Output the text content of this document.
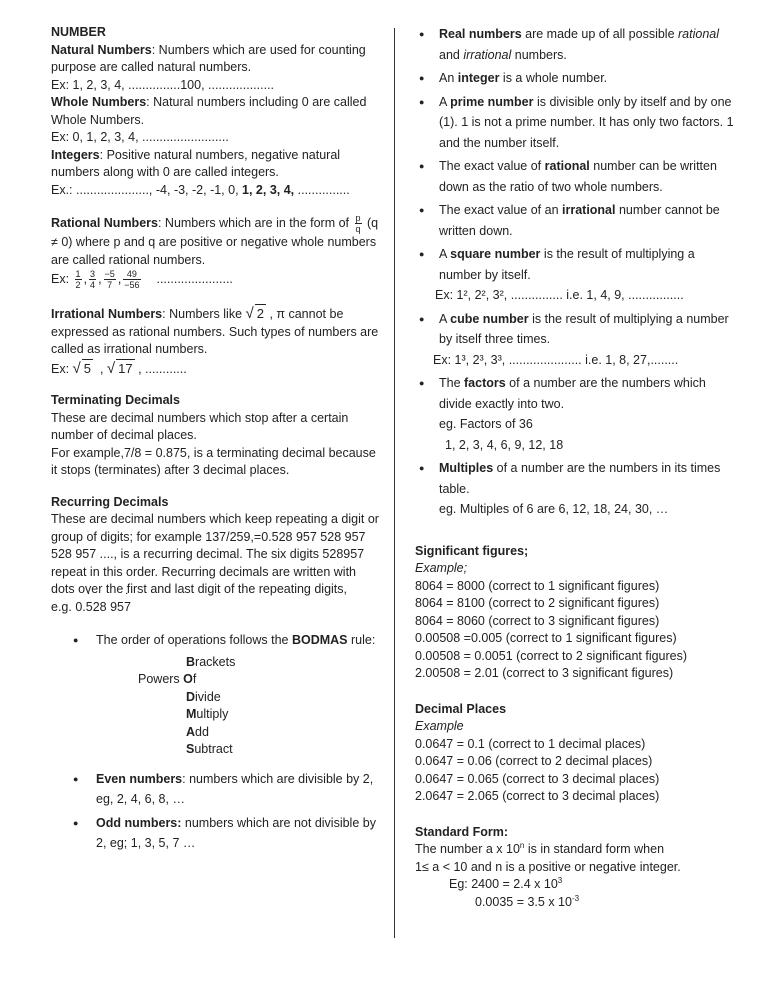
NUMBER

Natural Numbers: Numbers which are used for counting purpose are called natural numbers.

Ex: 1, 2, 3, 4, ...............100, ...................

Whole Numbers: Natural numbers including 0 are called Whole Numbers.

Ex: 0, 1, 2, 3, 4, .........................

Integers: Positive natural numbers, negative natural numbers along with 0 are called integers.

Ex.: ....................., -4, -3, -2, -1, 0, 1, 2, 3, 4, ...............

Rational Numbers: Numbers which are in the form of $\frac{p}{q} (q \ne 0)$ where p and q are positive or negative whole numbers are called rational numbers.

Ex: $\frac{1}{2}$ , $\frac{3}{4}$ , $\frac{-5}{7}$ , $\frac{49}{-56}$ ......................

Irrational Numbers: Numbers like √ 2 , π cannot be expressed as rational numbers. Such types of numbers are called as irrational numbers.

Ex: √ 5  , √ 17 , ............

Terminating Decimals

These are decimal numbers which stop after a certain number of decimal places.

For example,7/8 = 0.875, is a terminating decimal because it stops (terminates) after 3 decimal places.

Recurring Decimals

These are decimal numbers which keep repeating a digit or group of digits; for example 137/259,=0.528 957 528 957 528 957 ...., is a recurring decimal. The six digits 528957 repeat in this order. Recurring decimals are written with dots over the first and last digit of the repeating digits,

e.g. 0.˙ 528 95˙ 7

● The order of operations follows the BODMAS rule:
Brackets
Powers Of
Divide
Multiply
Add
Subtract
● Even numbers: numbers which are divisible by 2, eg, 2, 4, 6, 8, …
● Odd numbers: numbers which are not divisible by 2, eg; 1, 3, 5, 7 …
● Real numbers are made up of all possible rational and irrational numbers.
● An integer is a whole number.
● A prime number is divisible only by itself and by one (1). 1 is not a prime number. It has only two factors. 1 and the number itself.
● The exact value of rational number can be written down as the ratio of two whole numbers.
● The exact value of an irrational number cannot be written down.
● A square number is the result of multiplying a number by itself.
Ex: 1², 2², 3², ............... i.e. 1, 4, 9, ................
● A cube number is the result of multiplying a number by itself three times.
Ex: 1³, 2³, 3³, ..................... i.e. 1, 8, 27,........
● The factors of a number are the numbers which divide exactly into two.
eg. Factors of 36
1, 2, 3, 4, 6, 9, 12, 18
● Multiples of a number are the numbers in its times table.
eg. Multiples of 6 are 6, 12, 18, 24, 30, …

Significant figures;

Example;

8064 = 8000 (correct to 1 significant figures)

8064 = 8100 (correct to 2 significant figures)

8064 = 8060 (correct to 3 significant figures)

0.00508 =0.005 (correct to 1 significant figures)

0.00508 = 0.0051 (correct to 2 significant figures)

2.00508 = 2.01 (correct to 3 significant figures)

Decimal Places

Example

0.0647 = 0.1 (correct to 1 decimal places)

0.0647 = 0.06 (correct to 2 decimal places)

0.0647 = 0.065 (correct to 3 decimal places)

2.0647 = 2.065 (correct to 3 decimal places)

Standard Form:

The number a x 10$^n$ is in standard form when

1≤ a < 10 and n is a positive or negative integer.

Eg: 2400 = 2.4 x $10^3$

0.0035 = 3.5 x $10^{-3}$
